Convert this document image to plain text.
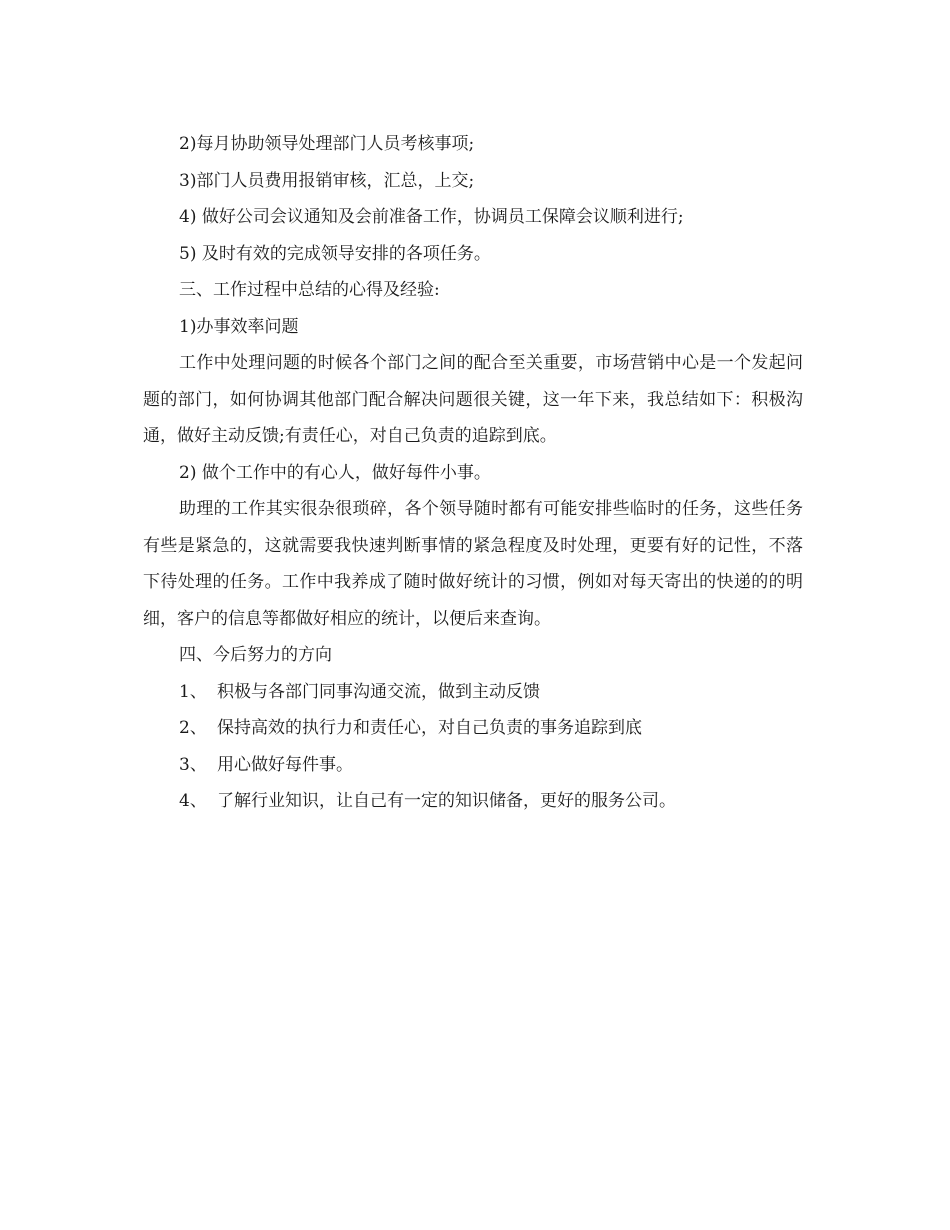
2)每月协助领导处理部门人员考核事项;

3)部门人员费用报销审核，汇总，上交;

4) 做好公司会议通知及会前准备工作，协调员工保障会议顺利进行;

5) 及时有效的完成领导安排的各项任务。

三、工作过程中总结的心得及经验:

1)办事效率问题

工作中处理问题的时候各个部门之间的配合至关重要，市场营销中心是一个发起问题的部门，如何协调其他部门配合解决问题很关键，这一年下来，我总结如下：积极沟通，做好主动反馈;有责任心，对自己负责的追踪到底。

2) 做个工作中的有心人，做好每件小事。

助理的工作其实很杂很琐碎，各个领导随时都有可能安排些临时的任务，这些任务有些是紧急的，这就需要我快速判断事情的紧急程度及时处理，更要有好的记性，不落下待处理的任务。工作中我养成了随时做好统计的习惯，例如对每天寄出的快递的的明细，客户的信息等都做好相应的统计，以便后来查询。

四、今后努力的方向

1、 积极与各部门同事沟通交流，做到主动反馈

2、 保持高效的执行力和责任心，对自己负责的事务追踪到底

3、 用心做好每件事。

4、 了解行业知识，让自己有一定的知识储备，更好的服务公司。
